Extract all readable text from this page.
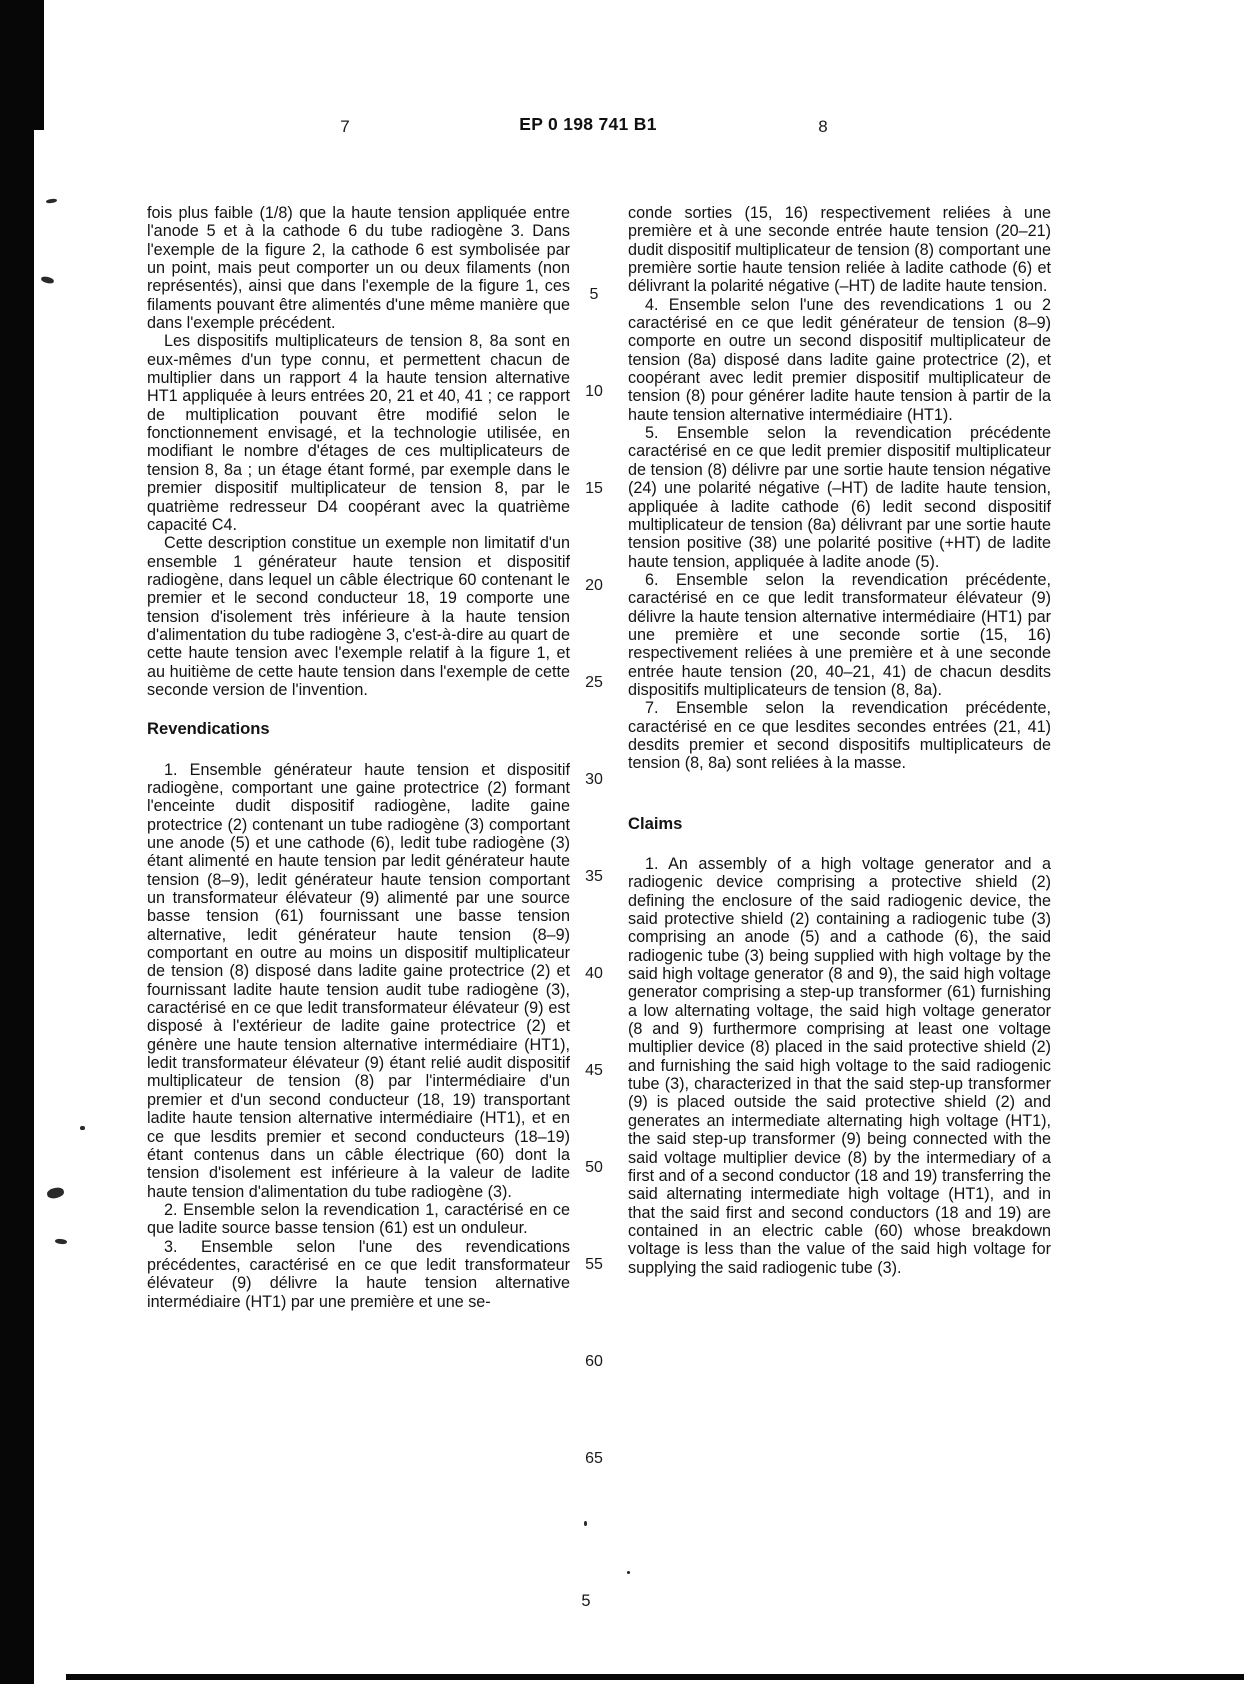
7	EP 0 198 741 B1	8
5
10
15
20
25
30
35
40
45
50
55
60
65

fois plus faible (1/8) que la haute tension appliquée entre l'anode 5 et à la cathode 6 du tube radiogène 3. Dans l'exemple de la figure 2, la cathode 6 est symbolisée par un point, mais peut comporter un ou deux filaments (non représentés), ainsi que dans l'exemple de la figure 1, ces filaments pouvant être alimentés d'une même manière que dans l'exemple précédent.

Les dispositifs multiplicateurs de tension 8, 8a sont en eux-mêmes d'un type connu, et permettent chacun de multiplier dans un rapport 4 la haute tension alternative HT1 appliquée à leurs entrées 20, 21 et 40, 41 ; ce rapport de multiplication pouvant être modifié selon le fonctionnement envisagé, et la technologie utilisée, en modifiant le nombre d'étages de ces multiplicateurs de tension 8, 8a ; un étage étant formé, par exemple dans le premier dispositif multiplicateur de tension 8, par le quatrième redresseur D4 coopérant avec la quatrième capacité C4.

Cette description constitue un exemple non limitatif d'un ensemble 1 générateur haute tension et dispositif radiogène, dans lequel un câble électrique 60 contenant le premier et le second conducteur 18, 19 comporte une tension d'isolement très inférieure à la haute tension d'alimentation du tube radiogène 3, c'est-à-dire au quart de cette haute tension avec l'exemple relatif à la figure 1, et au huitième de cette haute tension dans l'exemple de cette seconde version de l'invention.

Revendications

1. Ensemble générateur haute tension et dispositif radiogène, comportant une gaine protectrice (2) formant l'enceinte dudit dispositif radiogène, ladite gaine protectrice (2) contenant un tube radiogène (3) comportant une anode (5) et une cathode (6), ledit tube radiogène (3) étant alimenté en haute tension par ledit générateur haute tension (8–9), ledit générateur haute tension comportant un transformateur élévateur (9) alimenté par une source basse tension (61) fournissant une basse tension alternative, ledit générateur haute tension (8–9) comportant en outre au moins un dispositif multiplicateur de tension (8) disposé dans ladite gaine protectrice (2) et fournissant ladite haute tension audit tube radiogène (3), caractérisé en ce que ledit transformateur élévateur (9) est disposé à l'extérieur de ladite gaine protectrice (2) et génère une haute tension alternative intermédiaire (HT1), ledit transformateur élévateur (9) étant relié audit dispositif multiplicateur de tension (8) par l'intermédiaire d'un premier et d'un second conducteur (18, 19) transportant ladite haute tension alternative intermédiaire (HT1), et en ce que lesdits premier et second conducteurs (18–19) étant contenus dans un câble électrique (60) dont la tension d'isolement est inférieure à la valeur de ladite haute tension d'alimentation du tube radiogène (3).

2. Ensemble selon la revendication 1, caractérisé en ce que ladite source basse tension (61) est un onduleur.

3. Ensemble selon l'une des revendications précédentes, caractérisé en ce que ledit transformateur élévateur (9) délivre la haute tension alternative intermédiaire (HT1) par une première et une se-

conde sorties (15, 16) respectivement reliées à une première et à une seconde entrée haute tension (20–21) dudit dispositif multiplicateur de tension (8) comportant une première sortie haute tension reliée à ladite cathode (6) et délivrant la polarité négative (–HT) de ladite haute tension.

4. Ensemble selon l'une des revendications 1 ou 2 caractérisé en ce que ledit générateur de tension (8–9) comporte en outre un second dispositif multiplicateur de tension (8a) disposé dans ladite gaine protectrice (2), et coopérant avec ledit premier dispositif multiplicateur de tension (8) pour générer ladite haute tension à partir de la haute tension alternative intermédiaire (HT1).

5. Ensemble selon la revendication précédente caractérisé en ce que ledit premier dispositif multiplicateur de tension (8) délivre par une sortie haute tension négative (24) une polarité négative (–HT) de ladite haute tension, appliquée à ladite cathode (6) ledit second dispositif multiplicateur de tension (8a) délivrant par une sortie haute tension positive (38) une polarité positive (+HT) de ladite haute tension, appliquée à ladite anode (5).

6. Ensemble selon la revendication précédente, caractérisé en ce que ledit transformateur élévateur (9) délivre la haute tension alternative intermédiaire (HT1) par une première et une seconde sortie (15, 16) respectivement reliées à une première et à une seconde entrée haute tension (20, 40–21, 41) de chacun desdits dispositifs multiplicateurs de tension (8, 8a).

7. Ensemble selon la revendication précédente, caractérisé en ce que lesdites secondes entrées (21, 41) desdits premier et second dispositifs multiplicateurs de tension (8, 8a) sont reliées à la masse.

Claims

1. An assembly of a high voltage generator and a radiogenic device comprising a protective shield (2) defining the enclosure of the said radiogenic device, the said protective shield (2) containing a radiogenic tube (3) comprising an anode (5) and a cathode (6), the said radiogenic tube (3) being supplied with high voltage by the said high voltage generator (8 and 9), the said high voltage generator comprising a step-up transformer (61) furnishing a low alternating voltage, the said high voltage generator (8 and 9) furthermore comprising at least one voltage multiplier device (8) placed in the said protective shield (2) and furnishing the said high voltage to the said radiogenic tube (3), characterized in that the said step-up transformer (9) is placed outside the said protective shield (2) and generates an intermediate alternating high voltage (HT1), the said step-up transformer (9) being connected with the said voltage multiplier device (8) by the intermediary of a first and of a second conductor (18 and 19) transferring the said alternating intermediate high voltage (HT1), and in that the said first and second conductors (18 and 19) are contained in an electric cable (60) whose breakdown voltage is less than the value of the said high voltage for supplying the said radiogenic tube (3).

5
